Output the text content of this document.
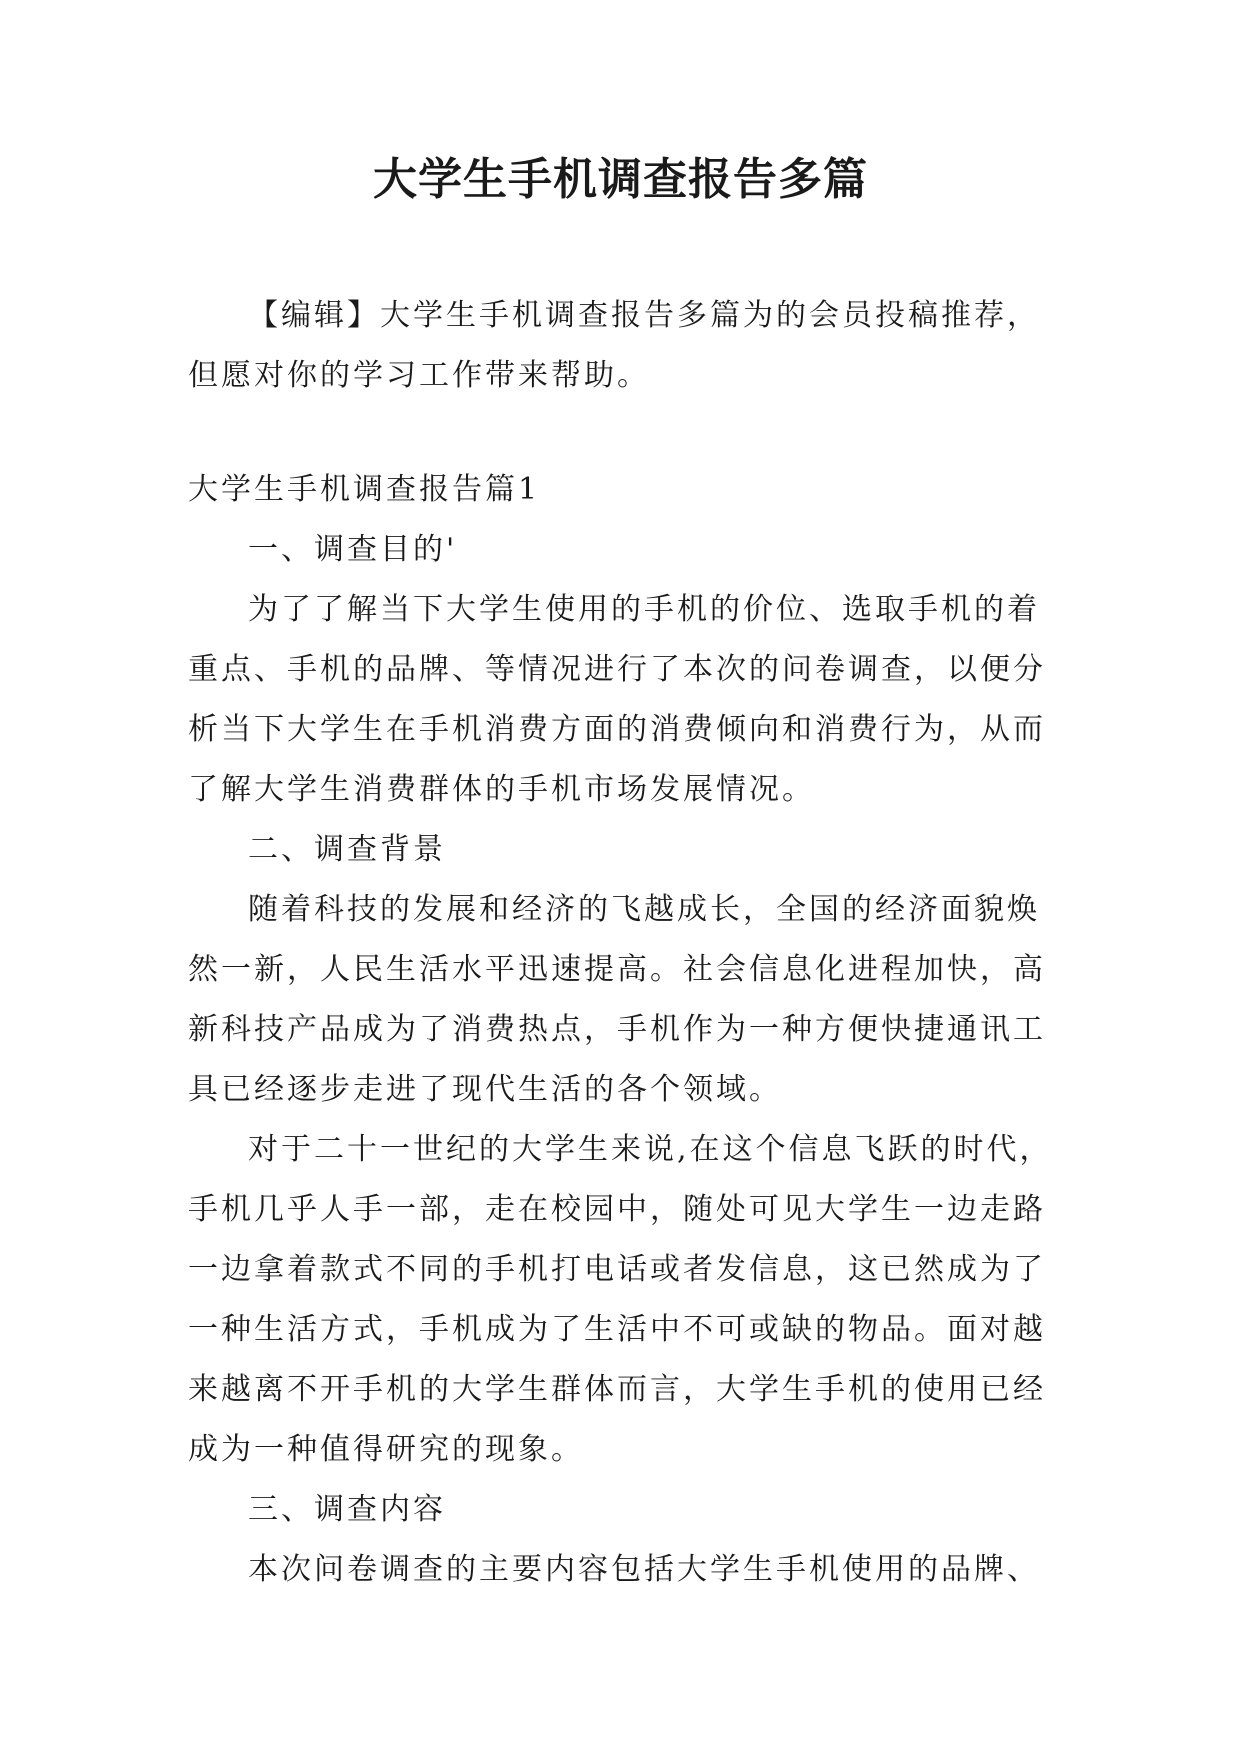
大学生手机调查报告多篇

【编辑】大学生手机调查报告多篇为的会员投稿推荐，但愿对你的学习工作带来帮助。

大学生手机调查报告篇1

一、调查目的'

为了了解当下大学生使用的手机的价位、选取手机的着重点、手机的品牌、等情况进行了本次的问卷调查，以便分析当下大学生在手机消费方面的消费倾向和消费行为，从而了解大学生消费群体的手机市场发展情况。

二、调查背景

随着科技的发展和经济的飞越成长，全国的经济面貌焕然一新，人民生活水平迅速提高。社会信息化进程加快，高新科技产品成为了消费热点，手机作为一种方便快捷通讯工具已经逐步走进了现代生活的各个领域。

对于二十一世纪的大学生来说,在这个信息飞跃的时代，手机几乎人手一部，走在校园中，随处可见大学生一边走路一边拿着款式不同的手机打电话或者发信息，这已然成为了一种生活方式，手机成为了生活中不可或缺的物品。面对越来越离不开手机的大学生群体而言，大学生手机的使用已经成为一种值得研究的现象。

三、调查内容

本次问卷调查的主要内容包括大学生手机使用的品牌、
